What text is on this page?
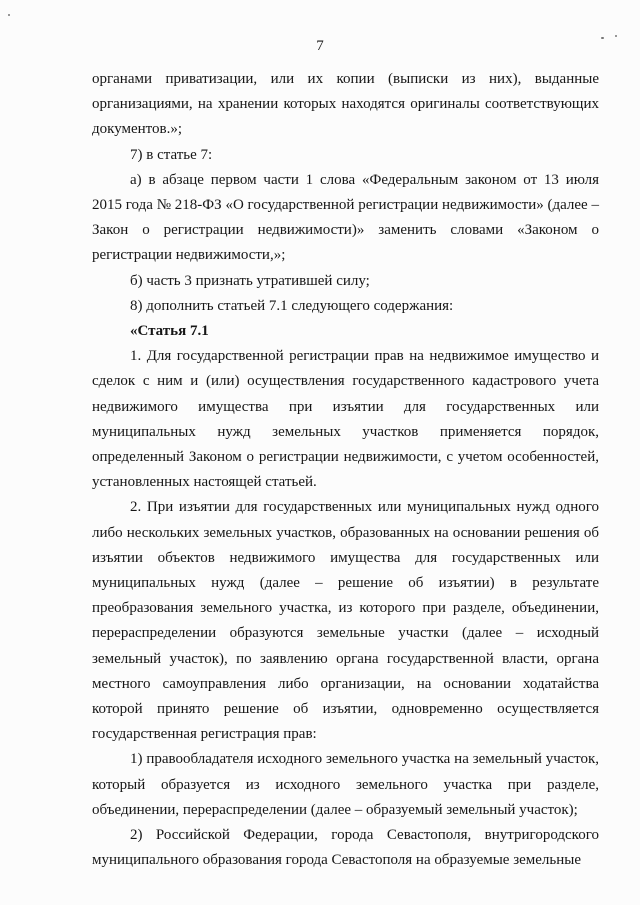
7

органами приватизации, или их копии (выписки из них), выданные организациями, на хранении которых находятся оригиналы соответствующих документов.»;

7) в статье 7:

а) в абзаце первом части 1 слова «Федеральным законом от 13 июля 2015 года № 218-ФЗ «О государственной регистрации недвижимости» (далее – Закон о регистрации недвижимости)» заменить словами «Законом о регистрации недвижимости,»;

б) часть 3 признать утратившей силу;

8) дополнить статьей 7.1 следующего содержания:

«Статья 7.1

1. Для государственной регистрации прав на недвижимое имущество и сделок с ним и (или) осуществления государственного кадастрового учета недвижимого имущества при изъятии для государственных или муниципальных нужд земельных участков применяется порядок, определенный Законом о регистрации недвижимости, с учетом особенностей, установленных настоящей статьей.

2. При изъятии для государственных или муниципальных нужд одного либо нескольких земельных участков, образованных на основании решения об изъятии объектов недвижимого имущества для государственных или муниципальных нужд (далее – решение об изъятии) в результате преобразования земельного участка, из которого при разделе, объединении, перераспределении образуются земельные участки (далее – исходный земельный участок), по заявлению органа государственной власти, органа местного самоуправления либо организации, на основании ходатайства которой принято решение об изъятии, одновременно осуществляется государственная регистрация прав:

1) правообладателя исходного земельного участка на земельный участок, который образуется из исходного земельного участка при разделе, объединении, перераспределении (далее – образуемый земельный участок);

2) Российской Федерации, города Севастополя, внутригородского муниципального образования города Севастополя на образуемые земельные
